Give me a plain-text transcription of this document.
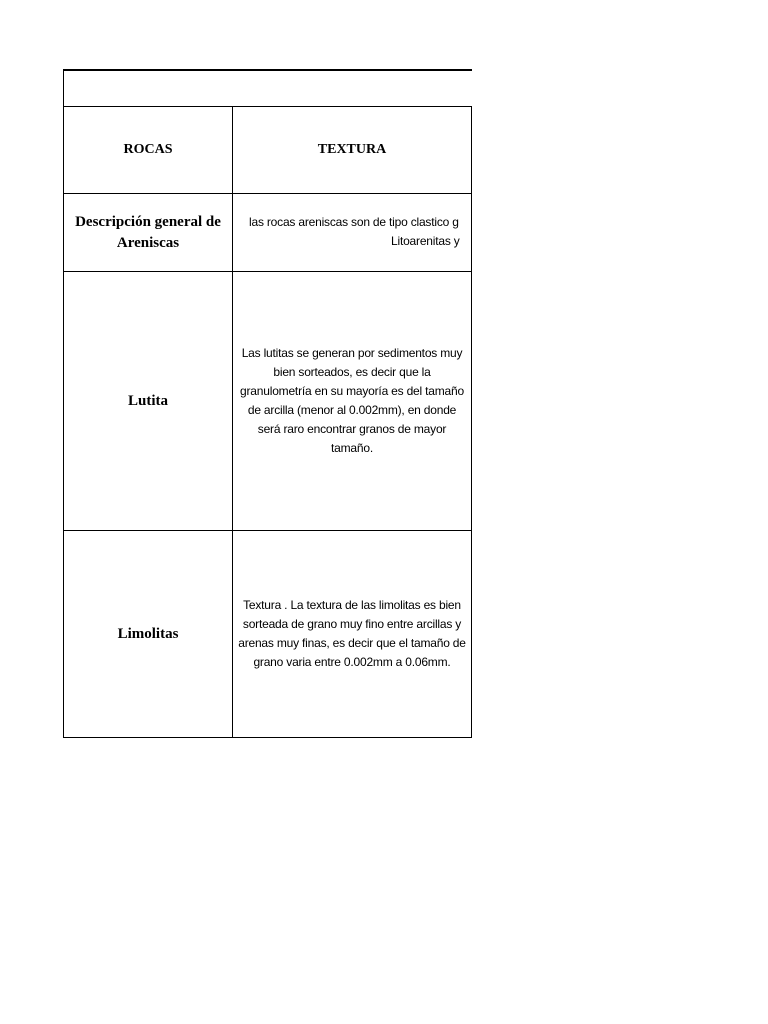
ROCAS	TEXTURA
Descripción general de Areniscas
las rocas areniscas son de tipo clastico g
Litoarenitas y
Lutita
Las lutitas se generan por sedimentos muy bien sorteados, es decir que la granulometría en su mayoría es del tamaño de arcilla (menor al 0.002mm), en donde será raro encontrar granos de mayor tamaño.
Limolitas
Textura . La textura de las limolitas es bien sorteada de grano muy fino entre arcillas y arenas muy finas, es decir que el tamaño de grano varia entre 0.002mm a 0.06mm.
